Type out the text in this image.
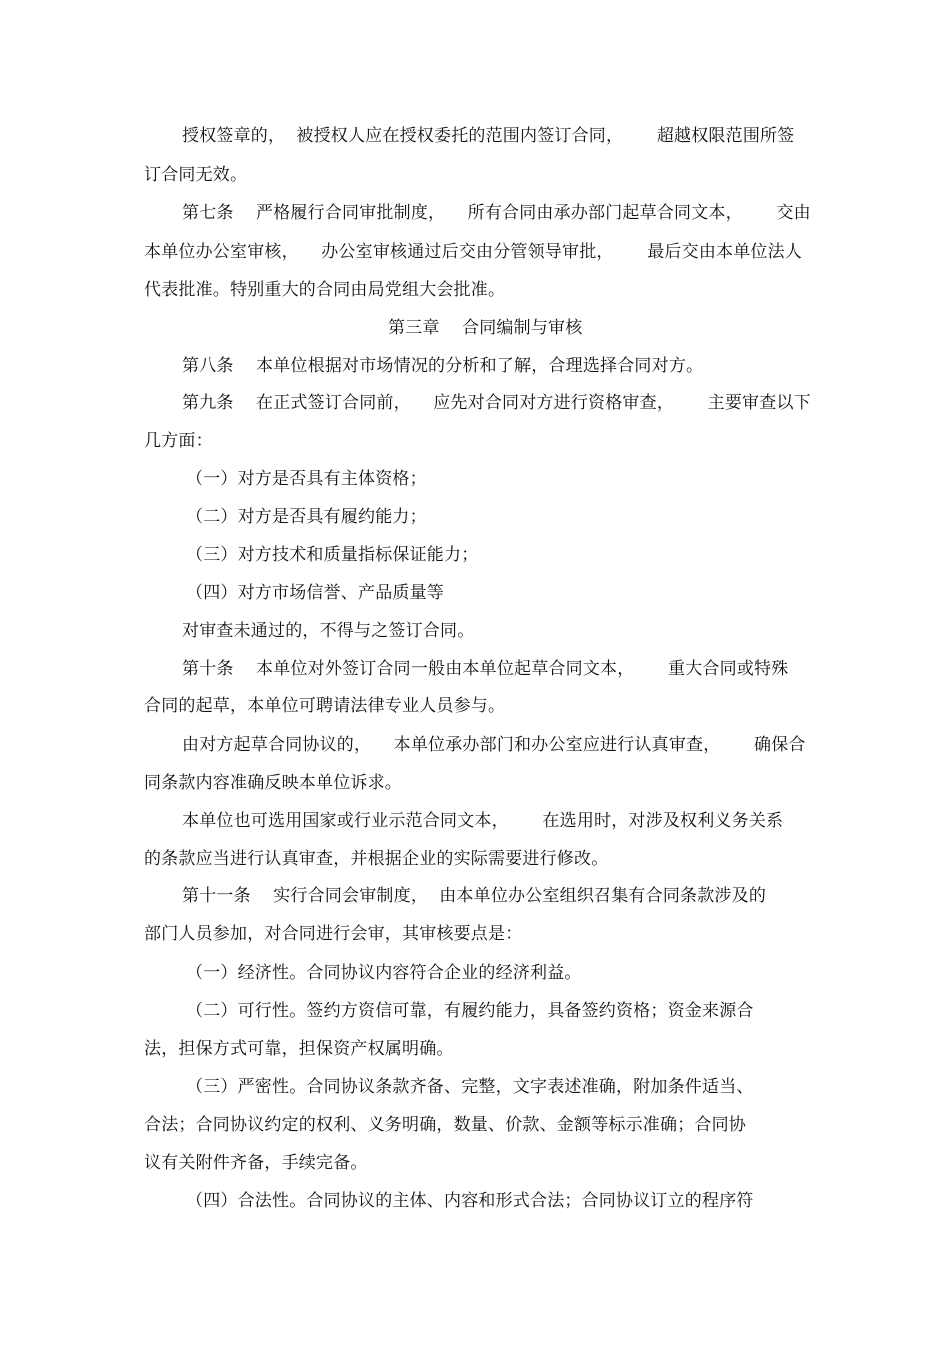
授权签章的，  被授权人应在授权委托的范围内签订合同，      超越权限范围所签
订合同无效。
第七条    严格履行合同审批制度，    所有合同由承办部门起草合同文本，      交由
本单位办公室审核，    办公室审核通过后交由分管领导审批，      最后交由本单位法人
代表批准。特别重大的合同由局党组大会批准。
第三章    合同编制与审核
第八条    本单位根据对市场情况的分析和了解，合理选择合同对方。
第九条    在正式签订合同前，    应先对合同对方进行资格审查，      主要审查以下
几方面：
（一）对方是否具有主体资格；
（二）对方是否具有履约能力；
（三）对方技术和质量指标保证能力；
（四）对方市场信誉、产品质量等
对审查未通过的，不得与之签订合同。
第十条    本单位对外签订合同一般由本单位起草合同文本，      重大合同或特殊
合同的起草，本单位可聘请法律专业人员参与。
由对方起草合同协议的，    本单位承办部门和办公室应进行认真审查，      确保合
同条款内容准确反映本单位诉求。
本单位也可选用国家或行业示范合同文本，      在选用时，对涉及权利义务关系
的条款应当进行认真审查，并根据企业的实际需要进行修改。
第十一条    实行合同会审制度，  由本单位办公室组织召集有合同条款涉及的
部门人员参加，对合同进行会审，其审核要点是：
（一）经济性。合同协议内容符合企业的经济利益。
（二）可行性。签约方资信可靠，有履约能力，具备签约资格；资金来源合
法，担保方式可靠，担保资产权属明确。
（三）严密性。合同协议条款齐备、完整，文字表述准确，附加条件适当、
合法；合同协议约定的权利、义务明确，数量、价款、金额等标示准确；合同协
议有关附件齐备，手续完备。
（四）合法性。合同协议的主体、内容和形式合法；合同协议订立的程序符
